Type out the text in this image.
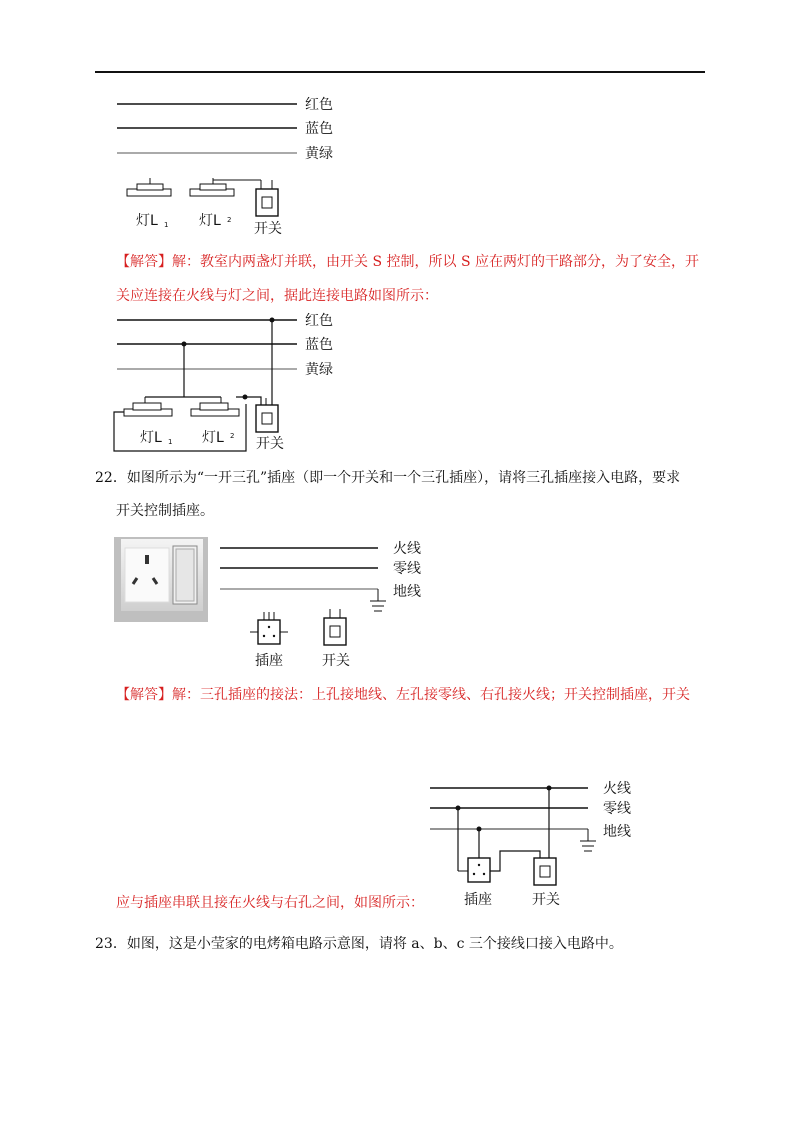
红色
蓝色
黄绿
灯L 1 灯L 2
开关
【解答】解：教室内两盏灯并联，由开关 S 控制，所以 S 应在两灯的干路部分，为了安全，开
关应连接在火线与灯之间，据此连接电路如图所示：
红色
蓝色
黄绿
灯L 1 灯L 2 开关
22．如图所示为“一开三孔”插座（即一个开关和一个三孔插座），请将三孔插座接入电路，要求
开关控制插座。
火线
零线
地线
插座	开关
【解答】解：三孔插座的接法：上孔接地线、左孔接零线、右孔接火线；开关控制插座，开关
应与插座串联且接在火线与右孔之间，如图所示：
火线
零线
地线
插座	开关
23．如图，这是小莹家的电烤箱电路示意图，请将 a、b、c 三个接线口接入电路中。
